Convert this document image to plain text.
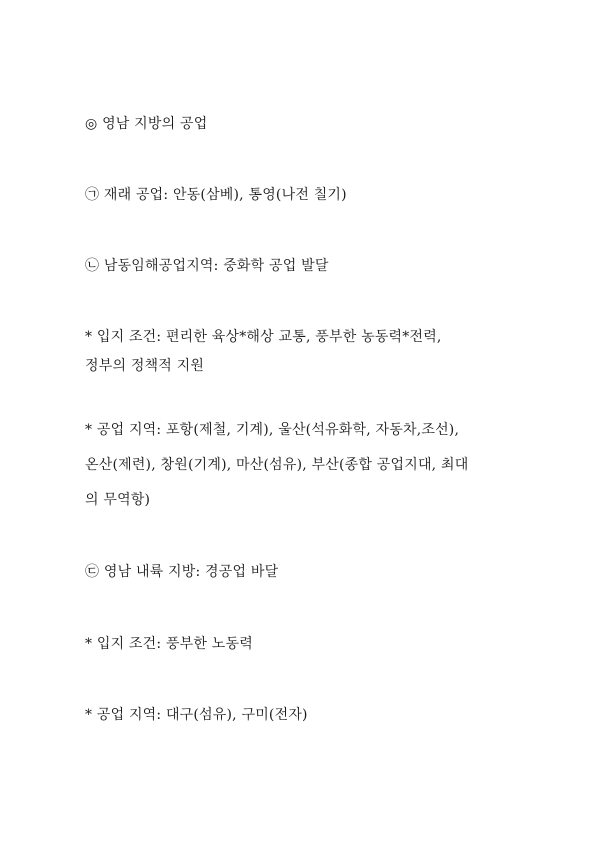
◎ 영남 지방의 공업
㉠ 재래 공업: 안동(삼베), 통영(나전 칠기)
㉡ 남동임해공업지역: 중화학 공업 발달
* 입지 조건: 편리한 육상*해상 교통, 풍부한 농동력*전력,
정부의 정책적 지원
* 공업 지역: 포항(제철, 기계), 울산(석유화학, 자동차,조선),
온산(제련), 창원(기계), 마산(섬유), 부산(종합 공업지대, 최대
의 무역항)
㉢ 영남 내륙 지방: 경공업 바달
* 입지 조건: 풍부한 노동력
* 공업 지역: 대구(섬유), 구미(전자)
